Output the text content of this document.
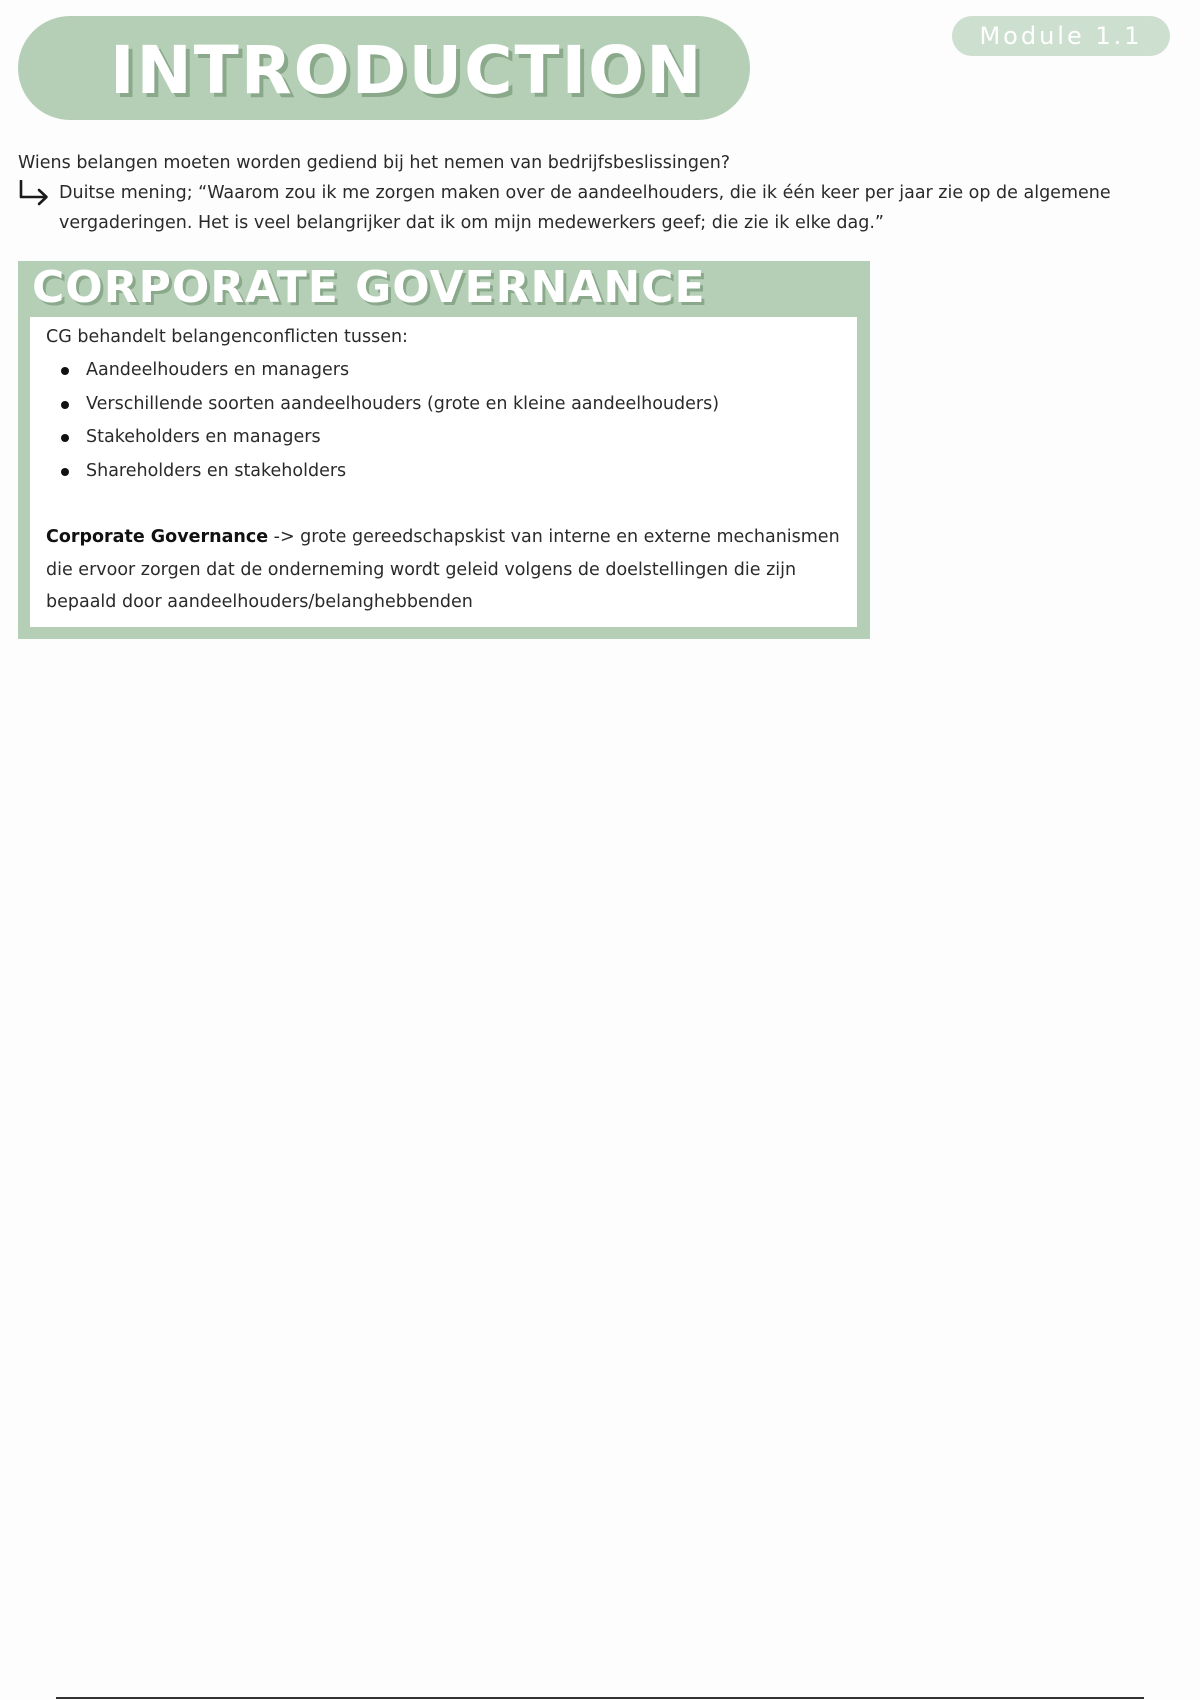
INTRODUCTION	Module 1.1
Wiens belangen moeten worden gediend bij het nemen van bedrijfsbeslissingen?
Duitse mening; “Waarom zou ik me zorgen maken over de aandeelhouders, die ik één keer per jaar zie op de algemene vergaderingen. Het is veel belangrijker dat ik om mijn medewerkers geef; die zie ik elke dag.”
CORPORATE GOVERNANCE
CG behandelt belangenconflicten tussen:
Aandeelhouders en managers
Verschillende soorten aandeelhouders (grote en kleine aandeelhouders)
Stakeholders en managers
Shareholders en stakeholders
Corporate Governance -> grote gereedschapskist van interne en externe mechanismen die ervoor zorgen dat de onderneming wordt geleid volgens de doelstellingen die zijn bepaald door aandeelhouders/belanghebbenden
